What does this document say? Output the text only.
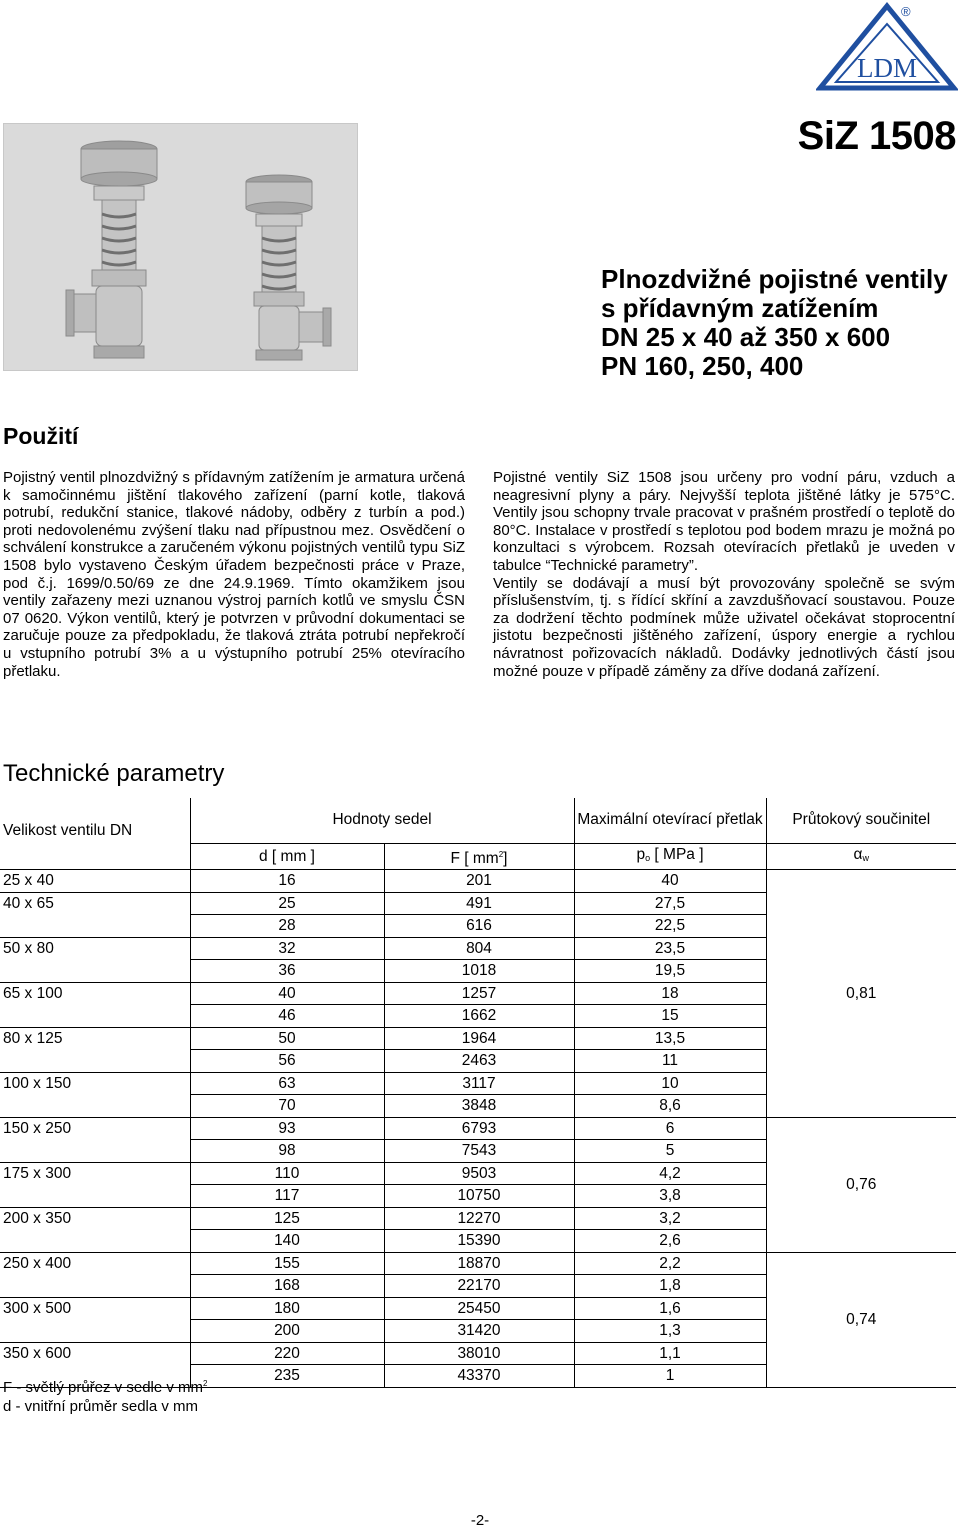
LDM
®
SiZ 1508
Plnozdvižné pojistné ventily
s přídavným zatížením
DN 25 x 40 až 350 x 600
PN 160, 250, 400
Použití

Pojistný ventil plnozdvižný s přídavným zatížením je armatura určená k samočinnému jištění tlakového zařízení (parní kotle, tlaková potrubí, redukční stanice, tlakové nádoby, odběry z turbín a pod.) proti nedovolenému zvýšení tlaku nad přípustnou mez. Osvědčení o schválení konstrukce a zaručeném výkonu pojistných ventilů typu SiZ 1508 bylo vystaveno Českým úřadem bezpečnosti práce v Praze, pod č.j. 1699/0.50/69 ze dne 24.9.1969. Tímto okamžikem jsou ventily zařazeny mezi uznanou výstroj parních kotlů ve smyslu ČSN 07 0620. Výkon ventilů, který je potvrzen v průvodní dokumentaci se zaručuje pouze za předpokladu, že tlaková ztráta potrubí nepřekročí u vstupního potrubí 3% a u výstupního potrubí 25% otevíracího přetlaku.

Pojistné ventily SiZ 1508 jsou určeny pro vodní páru, vzduch a neagresivní plyny a páry. Nejvyšší teplota jištěné látky je 575°C. Ventily jsou schopny trvale pracovat v prašném prostředí o teplotě do 80°C. Instalace v prostředí s teplotou pod bodem mrazu je možná po konzultaci s výrobcem. Rozsah otevíracích přetlaků je uveden v tabulce “Technické parametry”.

Ventily se dodávají a musí být provozovány společně se svým příslušenstvím, tj. s řídící skříní a zavzdušňovací soustavou. Pouze za dodržení těchto podmínek může uživatel očekávat stoprocentní jistotu bezpečnosti jištěného zařízení, úspory energie a rychlou návratnost pořizovacích nákladů. Dodávky jednotlivých částí jsou možné pouze v případě záměny za dříve dodaná zařízení.

Technické parametry
Velikost ventilu DN	Hodnoty sedel		Maximální otevírací přetlak	Průtokový součinitel
	d [ mm ]	F [ $mm^2$]	$p_o$ [ MPa ]	$\alpha_w$
25 x 40	16	201	40	0,81
40 x 65	25	491	27,5	
	28	616	22,5	
50 x 80	32	804	23,5	
	36	1018	19,5	
65 x 100	40	1257	18	
	46	1662	15	
80 x 125	50	1964	13,5	
	56	2463	11	
100 x 150	63	3117	10	
	70	3848	8,6	
150 x 250	93	6793	6	0,76
	98	7543	5	
175 x 300	110	9503	4,2	
	117	10750	3,8	
200 x 350	125	12270	3,2	
	140	15390	2,6	
250 x 400	155	18870	2,2	0,74
	168	22170	1,8	
300 x 500	180	25450	1,6	
	200	31420	1,3	
350 x 600	220	38010	1,1	
	235	43370	1	
F - světlý průřez v sedle v $mm^2$
d - vnitřní průměr sedla v mm
-2-
